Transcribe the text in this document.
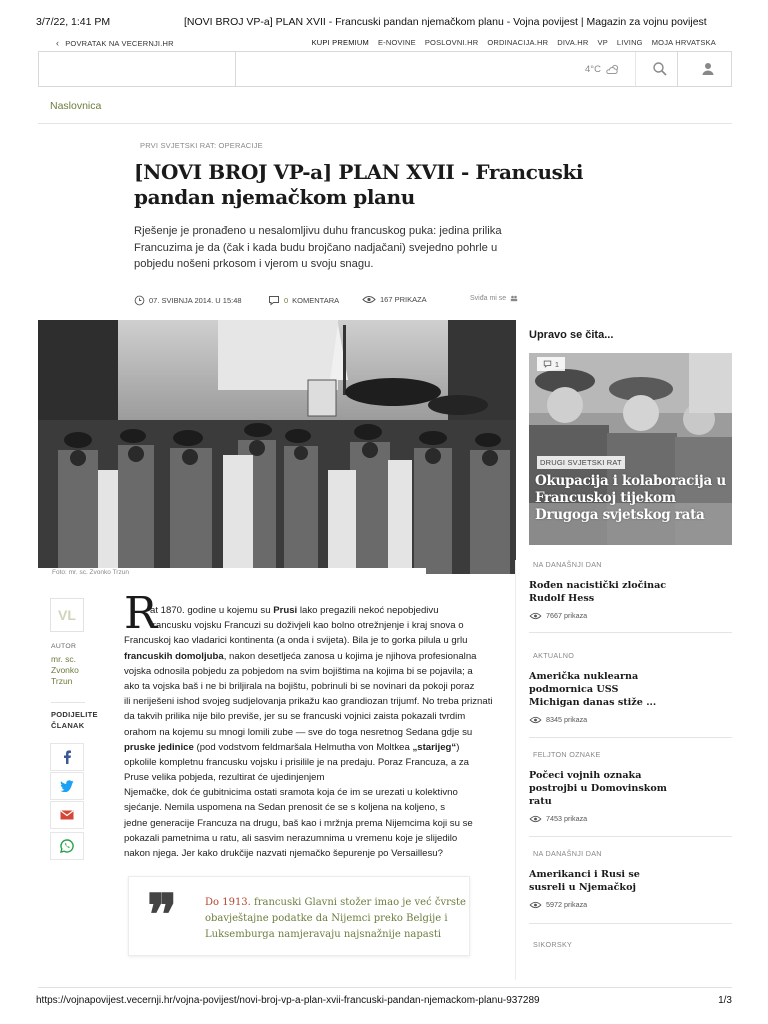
3/7/22, 1:41 PM	[NOVI BROJ VP-a] PLAN XVII - Francuski pandan njemačkom planu - Vojna povijest | Magazin za vojnu povijest
‹ POVRATAK NA VECERNJI.HR	KUPI PREMIUM E-NOVINE POSLOVNI.HR ORDINACIJA.HR DIVA.HR VP LIVING MOJA HRVATSKA
4°C
Naslovnica
PRVI SVJETSKI RAT: OPERACIJE
[NOVI BROJ VP-a] PLAN XVII - Francuski
pandan njemačkom planu

Rješenje je pronađeno u nesalomljivu duhu francuskog puka: jedina prilika Francuzima je da (čak i kada budu brojčano nadjačani) svejedno pohrle u pobjedu nošeni prkosom i vjerom u svoju snagu.

07. SVIBNJA 2014. U 15:48	0 KOMENTARA	167 PRIKAZA	Sviđa mi se
Foto: mr. sc. Zvonko Trzun
Upravo se čita...
1
DRUGI SVJETSKI RAT
Okupacija i kolaboracija u Francuskoj tijekom Drugoga svjetskog rata
NA DANAŠNJI DAN
Rođen nacistički zločinac Rudolf Hess
7667 prikaza
AKTUALNO
Američka nuklearna podmornica USS Michigan danas stiže ...
8345 prikaza
FELJTON OZNAKE
Počeci vojnih oznaka postrojbi u Domovinskom ratu
7453 prikaza
NA DANAŠNJI DAN
Amerikanci i Rusi se susreli u Njemačkoj
5972 prikaza
SIKORSKY
VL
AUTOR
mr. sc.
Zvonko
Trzun
PODIJELITE
ČLANAK
R
at 1870. godine u kojemu su Prusi lako pregazili nekoć nepobjedivu
francusku vojsku Francuzi su doživjeli kao bolno otrežnjenje i kraj snova o
Francuskoj kao vladarici kontinenta (a onda i svijeta). Bila je to gorka pilula u grlu
francuskih domoljuba, nakon desetljeća zanosa u kojima je njihova profesionalna
vojska odnosila pobjedu za pobjedom na svim bojištima na kojima bi se pojavila; a
ako ta vojska baš i ne bi briljirala na bojištu, pobrinuli bi se novinari da pokoji poraz
ili neriješeni ishod svojeg sudjelovanja prikažu kao grandiozan trijumf. No treba priznati
da takvih prilika nije bilo previše, jer su se francuski vojnici zaista pokazali tvrdim
orahom na kojemu su mnogi lomili zube — sve do toga nesretnog Sedana gdje su
pruske jedinice (pod vodstvom feldmaršala Helmutha von Moltkea „starijeg“)
opkolile kompletnu francusku vojsku i prisilile je na predaju. Poraz Francuza, a za
Pruse velika pobjeda, rezultirat će ujedinjenjem
Njemačke, dok će gubitnicima ostati sramota koja će im se urezati u kolektivno
sjećanje. Nemila uspomena na Sedan prenosit će se s koljena na koljeno, s
jedne generacije Francuza na drugu, baš kao i mržnja prema Nijemcima koji su se
pokazali pametnima u ratu, ali sasvim nerazumnima u vremenu koje je slijedilo
nakon njega. Jer kako drukčije nazvati njemačko šepurenje po Versaillesu?
❞	Do 1913. francuski Glavni stožer imao je već čvrste obavještajne podatke da Nijemci preko Belgije i Luksemburga namjeravaju najsnažnije napasti
https://vojnapovijest.vecernji.hr/vojna-povijest/novi-broj-vp-a-plan-xvii-francuski-pandan-njemackom-planu-937289	1/3
